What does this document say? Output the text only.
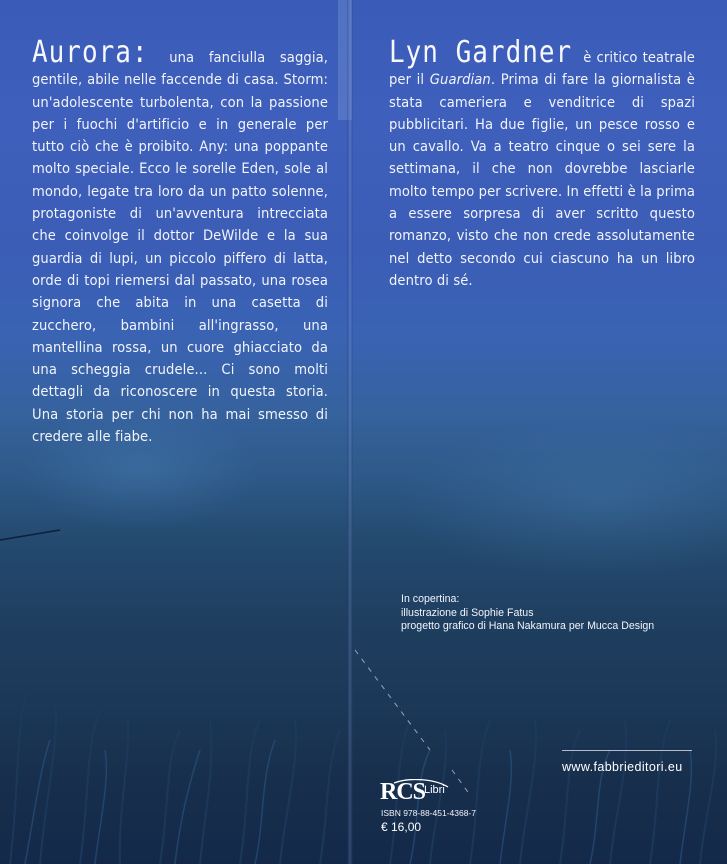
Aurora: una fanciulla saggia, gentile, abile nelle faccende di casa. Storm: un'adolescente turbolenta, con la passione per i fuochi d'artificio e in generale per tutto ciò che è proibito. Any: una poppante molto speciale. Ecco le sorelle Eden, sole al mondo, legate tra loro da un patto solenne, protagoniste di un'avventura intrecciata che coinvolge il dottor DeWilde e la sua guardia di lupi, un piccolo piffero di latta, orde di topi riemersi dal passato, una rosea signora che abita in una casetta di zucchero, bambini all'ingrasso, una mantellina rossa, un cuore ghiacciato da una scheggia crudele... Ci sono molti dettagli da riconoscere in questa storia. Una storia per chi non ha mai smesso di credere alle fiabe.
Lyn Gardner è critico teatrale per il Guardian. Prima di fare la giornalista è stata cameriera e venditrice di spazi pubblicitari. Ha due figlie, un pesce rosso e un cavallo. Va a teatro cinque o sei sere la settimana, il che non dovrebbe lasciarle molto tempo per scrivere. In effetti è la prima a essere sorpresa di aver scritto questo romanzo, visto che non crede assolutamente nel detto secondo cui ciascuno ha un libro dentro di sé.
In copertina:
illustrazione di Sophie Fatus
progetto grafico di Hana Nakamura per Mucca Design
www.fabbrieditori.eu
RCS
Libri
ISBN 978-88-451-4368-7
€ 16,00
